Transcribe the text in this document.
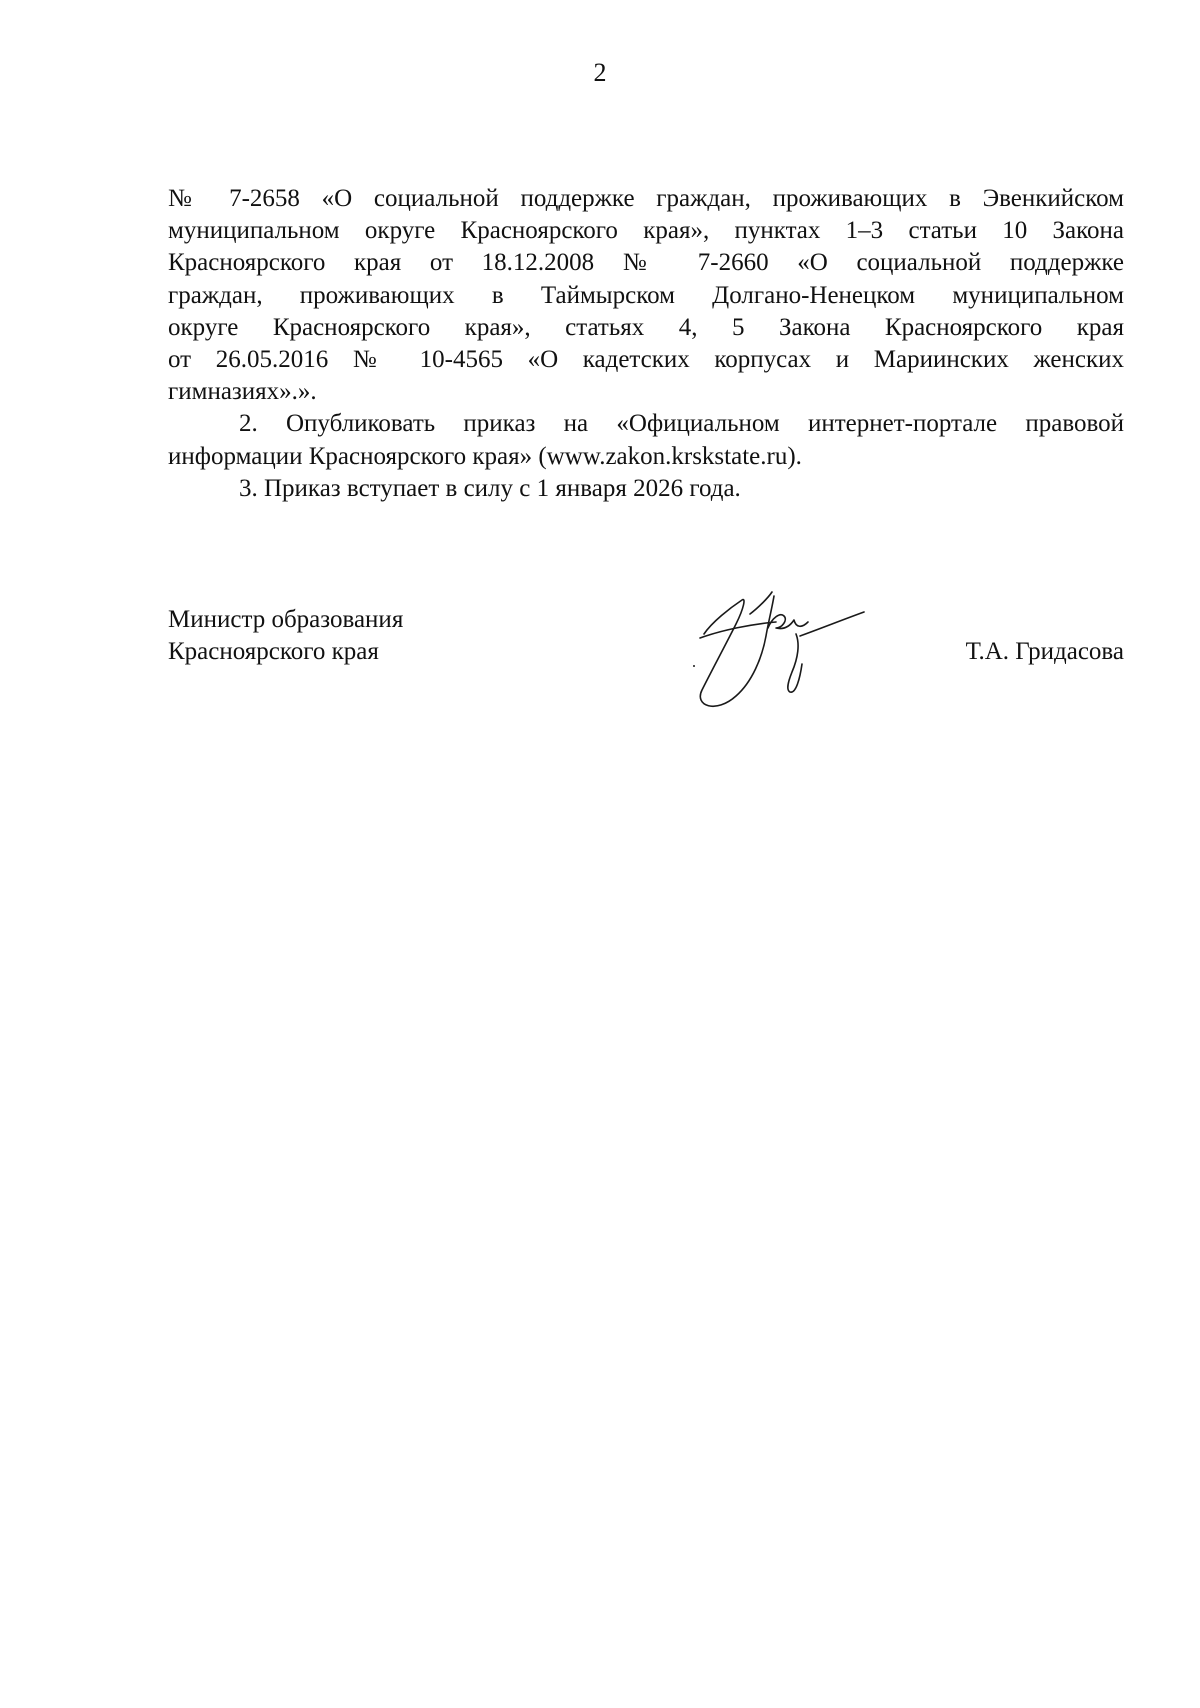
2

№ 7-2658 «О социальной поддержке граждан, проживающих в Эвенкийском
муниципальном округе Красноярского края», пунктах 1–3 статьи 10 Закона
Красноярского края от 18.12.2008 № 7-2660 «О социальной поддержке
граждан, проживающих в Таймырском Долгано-Ненецком муниципальном
округе Красноярского края», статьях 4, 5 Закона Красноярского края
от 26.05.2016 № 10-4565 «О кадетских корпусах и Мариинских женских
гимназиях».».

2. Опубликовать приказ на «Официальном интернет-портале правовой
информации Красноярского края» (www.zakon.krskstate.ru).

3. Приказ вступает в силу с 1 января 2026 года.

Министр образования
Красноярского края	Т.А. Гридасова
